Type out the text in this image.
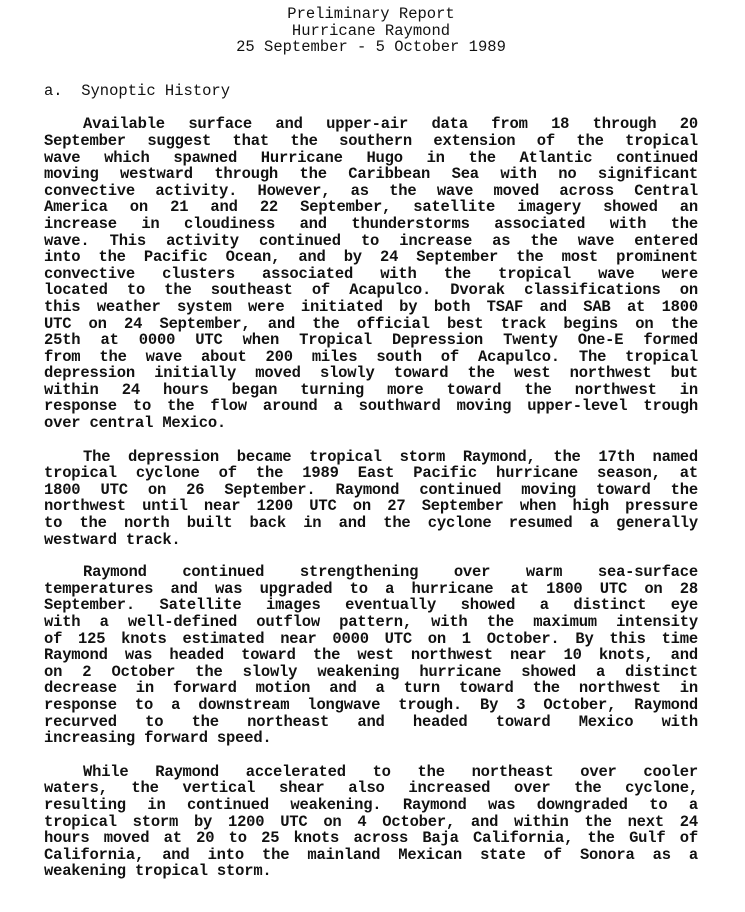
Preliminary Report
Hurricane Raymond
25 September - 5 October 1989
a.  Synoptic History
Available surface and upper-air data from 18 through 20
September suggest that the southern extension of the tropical
wave which spawned Hurricane Hugo in the Atlantic continued
moving westward through the Caribbean Sea with no significant
convective activity. However, as the wave moved across Central
America on 21 and 22 September, satellite imagery showed an
increase in cloudiness and thunderstorms associated with the
wave. This activity continued to increase as the wave entered
into the Pacific Ocean, and by 24 September the most prominent
convective clusters associated with the tropical wave were
located to the southeast of Acapulco. Dvorak classifications on
this weather system were initiated by both TSAF and SAB at 1800
UTC on 24 September, and the official best track begins on the
25th at 0000 UTC when Tropical Depression Twenty One-E formed
from the wave about 200 miles south of Acapulco. The tropical
depression initially moved slowly toward the west northwest but
within 24 hours began turning more toward the northwest in
response to the flow around a southward moving upper-level trough
over central Mexico.
The depression became tropical storm Raymond, the 17th named
tropical cyclone of the 1989 East Pacific hurricane season, at
1800 UTC on 26 September. Raymond continued moving toward the
northwest until near 1200 UTC on 27 September when high pressure
to the north built back in and the cyclone resumed a generally
westward track.
Raymond continued strengthening over warm sea-surface
temperatures and was upgraded to a hurricane at 1800 UTC on 28
September. Satellite images eventually showed a distinct eye
with a well-defined outflow pattern, with the maximum intensity
of 125 knots estimated near 0000 UTC on 1 October. By this time
Raymond was headed toward the west northwest near 10 knots, and
on 2 October the slowly weakening hurricane showed a distinct
decrease in forward motion and a turn toward the northwest in
response to a downstream longwave trough. By 3 October, Raymond
recurved to the northeast and headed toward Mexico with
increasing forward speed.
While Raymond accelerated to the northeast over cooler
waters, the vertical shear also increased over the cyclone,
resulting in continued weakening. Raymond was downgraded to a
tropical storm by 1200 UTC on 4 October, and within the next 24
hours moved at 20 to 25 knots across Baja California, the Gulf of
California, and into the mainland Mexican state of Sonora as a
weakening tropical storm.
